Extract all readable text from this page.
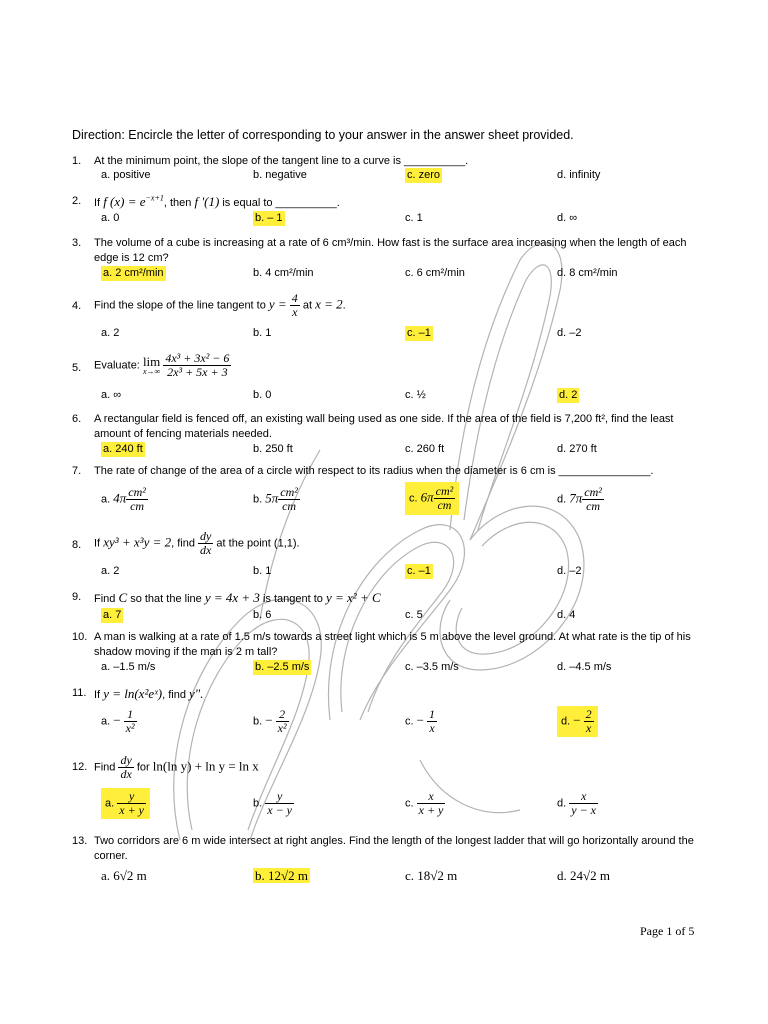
Direction: Encircle the letter of corresponding to your answer in the answer sheet provided.
1. At the minimum point, the slope of the tangent line to a curve is __________.
a. positive	b. negative	c. zero	d. infinity
2. If f $(x) = e^{-x+1}$, then f '(1) is equal to __________.
a. 0	b. – 1	c. 1	d. ∞
3. The volume of a cube is increasing at a rate of 6 cm³/min. How fast is the surface area increasing when the length of each edge is 12 cm?
a. 2 cm²/min	b. 4 cm²/min	c. 6 cm²/min	d. 8 cm²/min
4. Find the slope of the line tangent to $y = \frac{4}{x}$ at x = 2.
a. 2	b. 1	c. –1	d. –2
5. Evaluate: lim
x→∞
$\frac{\text{4x³ + 3x² − 6}}{\text{2x³ + 5x + 3}}$
a. ∞	b. 0	c. ½	d. 2
6. A rectangular field is fenced off, an existing wall being used as one side. If the area of the field is 7,200 ft², find the least amount of fencing materials needed.
a. 240 ft	b. 250 ft	c. 260 ft	d. 270 ft
7. The rate of change of the area of a circle with respect to its radius when the diameter is 6 cm is _______________.
a. $4\pi \frac{\text{cm²}}{cm}$	b. $5\pi \frac{\text{cm²}}{cm}$	c. $6\pi \frac{\text{cm²}}{cm}$	d. $7\pi \frac{\text{cm²}}{cm}$
8. If xy³ + x³y = 2, find $\frac{dy}{dx}$ at the point (1,1).
a. 2	b. 1	c. –1	d. –2
9. Find C so that the line y = 4x + 3 is tangent to y = x² + C
a. 7	b. 6	c. 5	d. 4
10. A man is walking at a rate of 1.5 m/s towards a street light which is 5 m above the level ground. At what rate is the tip of his shadow moving if the man is 2 m tall?
a. –1.5 m/s	b. –2.5 m/s	c. –3.5 m/s	d. –4.5 m/s
11. If y = ln(x²eˣ), find y".
a. − $\frac{1}{\text{x²}}$	b. − $\frac{2}{\text{x²}}$	c. − $\frac{1}{x}$	d. − $\frac{2}{x}$
12. Find $\frac{dy}{dx}$ for ln(ln y) + ln y = ln x
a. $\frac{y}{x + y}$	b. $\frac{y}{x - y}$	c. $\frac{x}{x + y}$	d. $\frac{x}{y - x}$
13. Two corridors are 6 m wide intersect at right angles. Find the length of the longest ladder that will go horizontally around the corner.
a. 6√2 m	b. 12√2 m	c. 18√2 m	d. 24√2 m
Page 1 of 5
